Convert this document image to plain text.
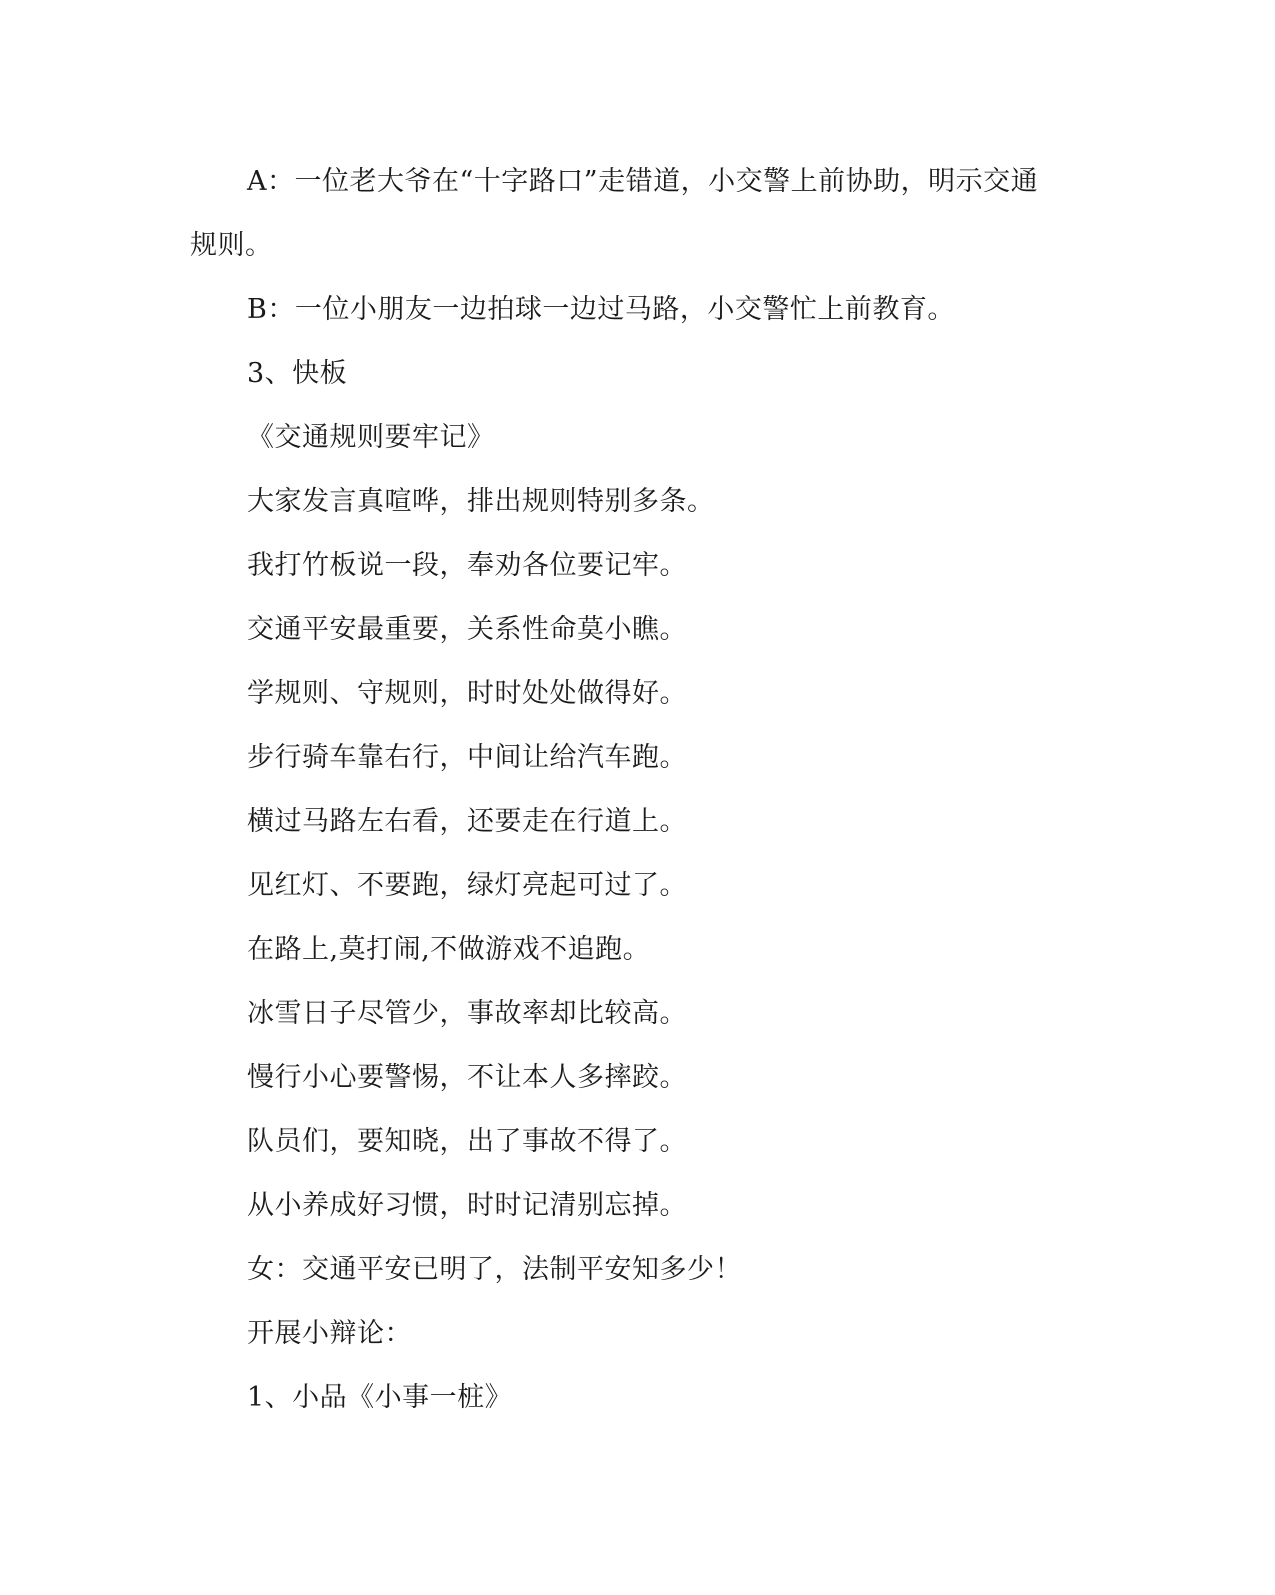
A：一位老大爷在“十字路口”走错道，小交警上前协助，明示交通
规则。
B：一位小朋友一边拍球一边过马路，小交警忙上前教育。
3、快板
《交通规则要牢记》
大家发言真喧哗，排出规则特别多条。
我打竹板说一段，奉劝各位要记牢。
交通平安最重要，关系性命莫小瞧。
学规则、守规则，时时处处做得好。
步行骑车靠右行，中间让给汽车跑。
横过马路左右看，还要走在行道上。
见红灯、不要跑，绿灯亮起可过了。
在路上,莫打闹,不做游戏不追跑。
冰雪日子尽管少，事故率却比较高。
慢行小心要警惕，不让本人多摔跤。
队员们，要知晓，出了事故不得了。
从小养成好习惯，时时记清别忘掉。
女：交通平安已明了，法制平安知多少！
开展小辩论：
1、小品《小事一桩》
